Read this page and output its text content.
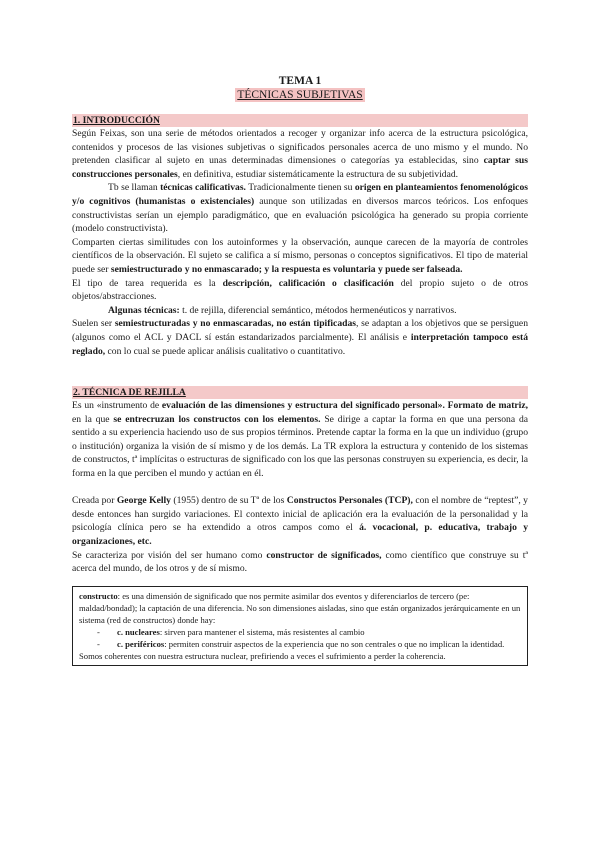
TEMA 1
TÉCNICAS SUBJETIVAS
1. INTRODUCCIÓN

Según Feixas, son una serie de métodos orientados a recoger y organizar info acerca de la estructura psicológica, contenidos y procesos de las visiones subjetivas o significados personales acerca de uno mismo y el mundo. No pretenden clasificar al sujeto en unas determinadas dimensiones o categorías ya establecidas, sino captar sus construcciones personales, en definitiva, estudiar sistemáticamente la estructura de su subjetividad.

Tb se llaman técnicas calificativas. Tradicionalmente tienen su origen en planteamientos fenomenológicos y/o cognitivos (humanistas o existenciales) aunque son utilizadas en diversos marcos teóricos. Los enfoques constructivistas serían un ejemplo paradigmático, que en evaluación psicológica ha generado su propia corriente (modelo constructivista).

Comparten ciertas similitudes con los autoinformes y la observación, aunque carecen de la mayoría de controles científicos de la observación. El sujeto se califica a sí mismo, personas o conceptos significativos. El tipo de material puede ser semiestructurado y no enmascarado; y la respuesta es voluntaria y puede ser falseada.

El tipo de tarea requerida es la descripción, calificación o clasificación del propio sujeto o de otros objetos/abstracciones.

Algunas técnicas: t. de rejilla, diferencial semántico, métodos hermenéuticos y narrativos.

Suelen ser semiestructuradas y no enmascaradas, no están tipificadas, se adaptan a los objetivos que se persiguen (algunos como el ACL y DACL sí están estandarizados parcialmente). El análisis e interpretación tampoco está reglado, con lo cual se puede aplicar análisis cualitativo o cuantitativo.

2. TÉCNICA DE REJILLA

Es un «instrumento de evaluación de las dimensiones y estructura del significado personal». Formato de matriz, en la que se entrecruzan los constructos con los elementos. Se dirige a captar la forma en que una persona da sentido a su experiencia haciendo uso de sus propios términos. Pretende captar la forma en la que un individuo (grupo o institución) organiza la visión de sí mismo y de los demás. La TR explora la estructura y contenido de los sistemas de constructos, tª implícitas o estructuras de significado con los que las personas construyen su experiencia, es decir, la forma en la que perciben el mundo y actúan en él.

Creada por George Kelly (1955) dentro de su Tª de los Constructos Personales (TCP), con el nombre de “reptest”, y desde entonces han surgido variaciones. El contexto inicial de aplicación era la evaluación de la personalidad y la psicología clínica pero se ha extendido a otros campos como el á. vocacional, p. educativa, trabajo y organizaciones, etc.

Se caracteriza por visión del ser humano como constructor de significados, como científico que construye su tª acerca del mundo, de los otros y de sí mismo.

constructo: es una dimensión de significado que nos permite asimilar dos eventos y diferenciarlos de tercero (pe: maldad/bondad); la captación de una diferencia. No son dimensiones aisladas, sino que están organizados jerárquicamente en un sistema (red de constructos) donde hay:
- c. nucleares: sirven para mantener el sistema, más resistentes al cambio
- c. periféricos: permiten construir aspectos de la experiencia que no son centrales o que no implican la identidad.
Somos coherentes con nuestra estructura nuclear, prefiriendo a veces el sufrimiento a perder la coherencia.
